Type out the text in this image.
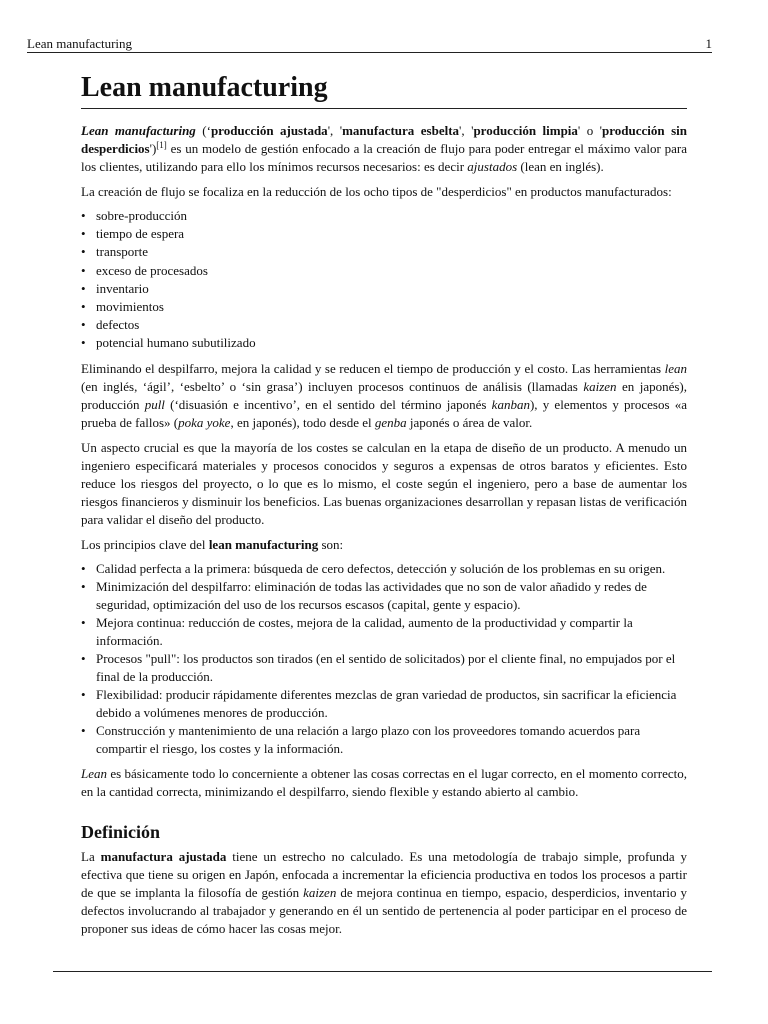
Lean manufacturing	1
Lean manufacturing

Lean manufacturing (‘producción ajustada', 'manufactura esbelta', 'producción limpia' o 'producción sin desperdicios')[1] es un modelo de gestión enfocado a la creación de flujo para poder entregar el máximo valor para los clientes, utilizando para ello los mínimos recursos necesarios: es decir ajustados (lean en inglés).

La creación de flujo se focaliza en la reducción de los ocho tipos de "desperdicios" en productos manufacturados:

• sobre-producción
• tiempo de espera
• transporte
• exceso de procesados
• inventario
• movimientos
• defectos
• potencial humano subutilizado

Eliminando el despilfarro, mejora la calidad y se reducen el tiempo de producción y el costo. Las herramientas lean (en inglés, ‘ágil’, ‘esbelto’ o ‘sin grasa’) incluyen procesos continuos de análisis (llamadas kaizen en japonés), producción pull (‘disuasión e incentivo’, en el sentido del término japonés kanban), y elementos y procesos «a prueba de fallos» (poka yoke, en japonés), todo desde el genba japonés o área de valor.

Un aspecto crucial es que la mayoría de los costes se calculan en la etapa de diseño de un producto. A menudo un ingeniero especificará materiales y procesos conocidos y seguros a expensas de otros baratos y eficientes. Esto reduce los riesgos del proyecto, o lo que es lo mismo, el coste según el ingeniero, pero a base de aumentar los riesgos financieros y disminuir los beneficios. Las buenas organizaciones desarrollan y repasan listas de verificación para validar el diseño del producto.

Los principios clave del lean manufacturing son:

• Calidad perfecta a la primera: búsqueda de cero defectos, detección y solución de los problemas en su origen.
• Minimización del despilfarro: eliminación de todas las actividades que no son de valor añadido y redes de seguridad, optimización del uso de los recursos escasos (capital, gente y espacio).
• Mejora continua: reducción de costes, mejora de la calidad, aumento de la productividad y compartir la información.
• Procesos "pull": los productos son tirados (en el sentido de solicitados) por el cliente final, no empujados por el final de la producción.
• Flexibilidad: producir rápidamente diferentes mezclas de gran variedad de productos, sin sacrificar la eficiencia debido a volúmenes menores de producción.
• Construcción y mantenimiento de una relación a largo plazo con los proveedores tomando acuerdos para compartir el riesgo, los costes y la información.

Lean es básicamente todo lo concerniente a obtener las cosas correctas en el lugar correcto, en el momento correcto, en la cantidad correcta, minimizando el despilfarro, siendo flexible y estando abierto al cambio.

Definición

La manufactura ajustada tiene un estrecho no calculado. Es una metodología de trabajo simple, profunda y efectiva que tiene su origen en Japón, enfocada a incrementar la eficiencia productiva en todos los procesos a partir de que se implanta la filosofía de gestión kaizen de mejora continua en tiempo, espacio, desperdicios, inventario y defectos involucrando al trabajador y generando en él un sentido de pertenencia al poder participar en el proceso de proponer sus ideas de cómo hacer las cosas mejor.
